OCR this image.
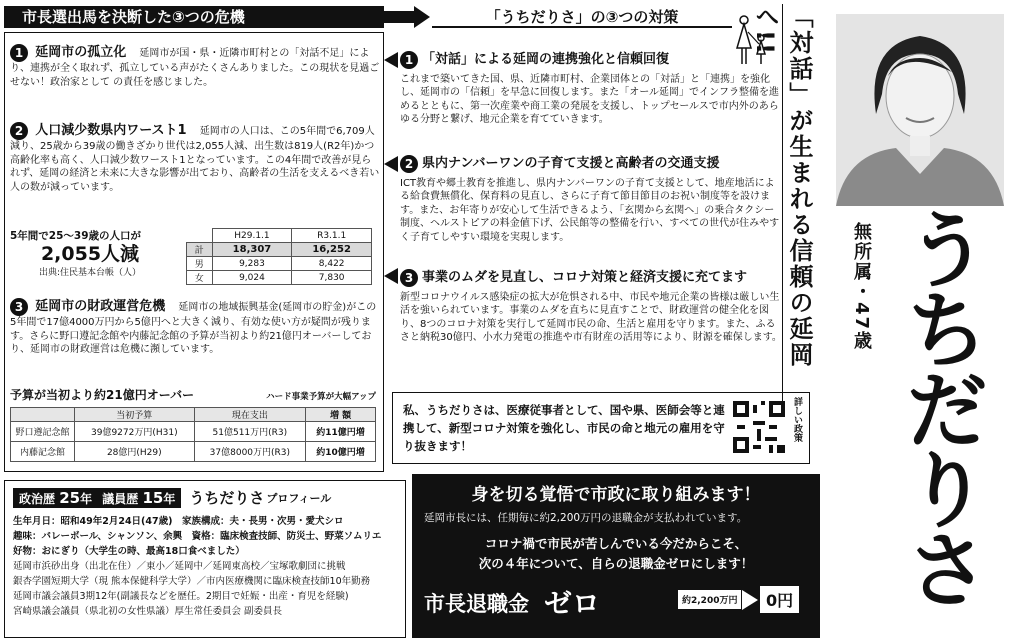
市長選出馬を決断した③つの危機	「うちだりさ」の③つの対策
1 延岡市の孤立化 延岡市が国・県・近隣市町村との「対話不足」により、連携が全く取れず、孤立している声がたくさんありました。この現状を見過ごせない！政治家として の責任を感じました。
2 人口減少数県内ワースト1 延岡市の人口は、この5年間で6,709人減り、25歳から39歳の働きざかり世代は2,055人減、出生数は819人(R2年)かつ高齢化率も高く、人口減少数ワースト1となっています。この4年間で改善が見られず、延岡の経済と未来に大きな影響が出ており、高齢者の生活を支えるべき若い人の数が減っています。
5年間で25～39歳の人口が
2,055人減
出典:住民基本台帳（人）
	H29.1.1	R3.1.1
計	18,307	16,252
男	9,283	8,422
女	9,024	7,830
3 延岡市の財政運営危機 延岡市の地域振興基金(延岡市の貯金)がこの5年間で17億4000万円から5億円へと大きく減り、有効な使い方が疑問が残ります。さらに野口遵記念館や内藤記念館の予算が当初より約21億円オーバーしており、延岡市の財政運営は危機に瀕しています。
予算が当初より約21億円オーバー	ハード事業予算が大幅アップ
	当初予算	現在支出	増 額
野口遵記念館	39億9272万円(H31)	51億511万円(R3)	約11億円増
内藤記念館	28億円(H29)	37億8000万円(R3)	約10億円増
1 「対話」による延岡の連携強化と信頼回復
これまで築いてきた国、県、近隣市町村、企業団体との「対話」と「連携」を強化し、延岡市の「信頼」を早急に回復します。また「オール延岡」でインフラ整備を進めるとともに、第一次産業や商工業の発展を支援し、トップセールスで市内外のあらゆる分野と繋げ、地元企業を育てていきます。
2 県内ナンバーワンの子育て支援と高齢者の交通支援
ICT教育や郷土教育を推進し、県内ナンバーワンの子育て支援として、地産地活による給食費無償化、保育料の見直し、さらに子育て節目節目のお祝い制度等を設けます。また、お年寄りが安心して生活できるよう、「玄関から玄関へ」の乗合タクシー制度、ヘルストピアの料金値下げ、公民館等の整備を行い、すべての世代が住みやすく子育てしやすい環境を実現します。
3 事業のムダを見直し、コロナ対策と経済支援に充てます
新型コロナウイルス感染症の拡大が危惧される中、市民や地元企業の皆様は厳しい生活を強いられています。事業のムダを直ちに見直すことで、財政運営の健全化を図り、8つのコロナ対策を実行して延岡市民の命、生活と雇用を守ります。また、ふるさと納税30億円、小水力発電の推進や市有財産の活用等により、財源を確保します。
私、うちだりさは、医療従事者として、国や県、医師会等と連携して、新型コロナ対策を強化し、市民の命と地元の雇用を守り抜きます！
詳しい政策
「対話」が生まれる信頼の延岡へ!!
無所属・47歳 うちだりさ
政治歴 25年 議員歴 15年 うちだりさ プロフィール
生年月日：昭和49年2月24日(47歳)　家族構成：夫・長男・次男・愛犬シロ
趣味：バレーボール、シャンソン、余興　資格：臨床検査技師、防災士、野菜ソムリエ
好物：おにぎり（大学生の時、最高18口食べました）
延岡市浜砂出身（出北在住）／東小／延岡中／延岡東高校／宝塚歌劇団に挑戦
銀杏学園短期大学（現 熊本保健科学大学）／市内医療機関に臨床検査技師10年勤務
延岡市議会議員3期12年(副議長などを歴任。2期目で妊娠・出産・育児を経験)
宮崎県議会議員（県北初の女性県議）厚生常任委員会 副委員長
身を切る覚悟で市政に取り組みます！
延岡市長には、任期毎に約2,200万円の退職金が支払われています。
コロナ禍で市民が苦しんでいる今だからこそ、
次の４年について、自らの退職金ゼロにします！
市長退職金 ゼロ	約2,200万円	0円
